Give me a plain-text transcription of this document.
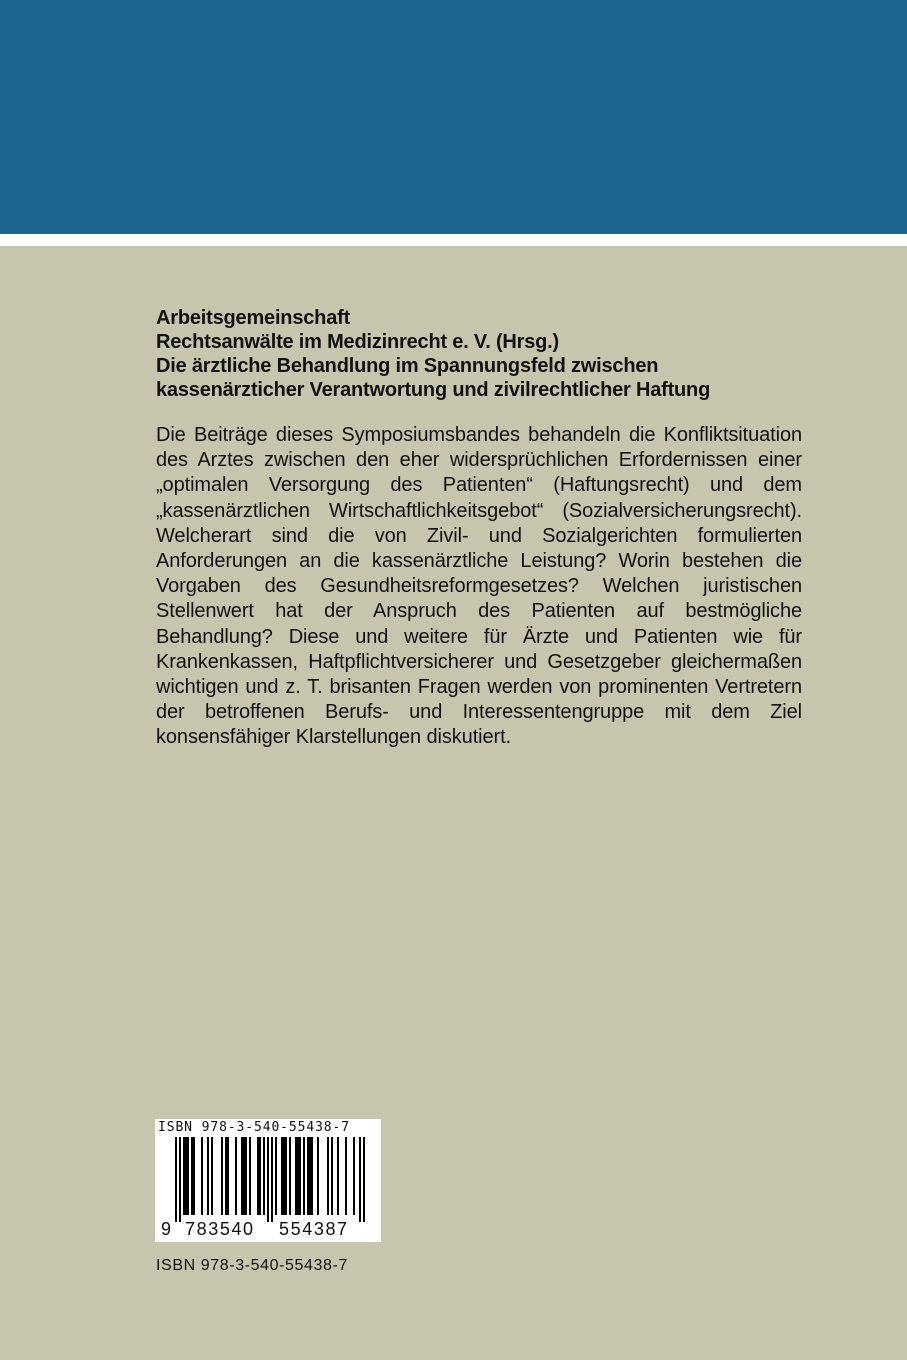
Arbeitsgemeinschaft
Rechtsanwälte im Medizinrecht e. V. (Hrsg.)
Die ärztliche Behandlung im Spannungsfeld zwischen
kassenärzticher Verantwortung und zivilrechtlicher Haftung
Die Beiträge dieses Symposiumsbandes behandeln die Konfliktsituation des Arztes zwischen den eher widersprüchlichen Erfordernissen einer „optimalen Versorgung des Patienten“ (Haftungsrecht) und dem „kassenärztlichen Wirtschaftlichkeitsgebot“ (Sozialversicherungsrecht). Welcherart sind die von Zivil- und Sozialgerichten formulierten Anforderungen an die kassenärztliche Leistung? Worin bestehen die Vorgaben des Gesundheitsreformgesetzes? Welchen juristischen Stellenwert hat der Anspruch des Patienten auf bestmögliche Behandlung? Diese und weitere für Ärzte und Patienten wie für Krankenkassen, Haftpflichtversicherer und Gesetzgeber gleichermaßen wichtigen und z. T. brisanten Fragen werden von prominenten Vertretern der betroffenen Berufs- und Interessentengruppe mit dem Ziel konsensfähiger Klarstellungen diskutiert.
ISBN 978-3-540-55438-7
9 783540 554387
ISBN 978-3-540-55438-7
